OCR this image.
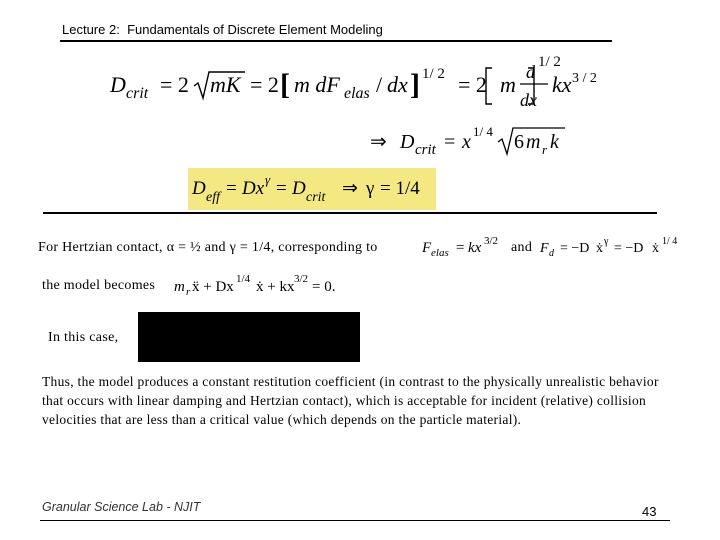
Lecture 2: Fundamentals of Discrete Element Modeling
D crit = 2 mK = 2 [ m dF elas / dx ] 1/ 2 = 2 m d
dx
kx 3 / 2
1/ 2
⇒ D crit = x 1/ 4 6 m r k
D eff = Dx γ = D crit ⇒ γ = 1/4
For Hertzian contact, α = ½ and γ = 1/4, corresponding to	F elas = kx 3/2 and F d = −D ẋ γ = −D ẋ 1/ 4
the model becomes m r ẍ + Dx 1/4 ẋ + kx 3/2 = 0.
In this case,
Thus, the model produces a constant restitution coefficient (in contrast to the physically unrealistic behavior that occurs with linear damping and Hertzian contact), which is acceptable for incident (relative) collision velocities that are less than a critical value (which depends on the particle material).
Granular Science Lab - NJIT	43
